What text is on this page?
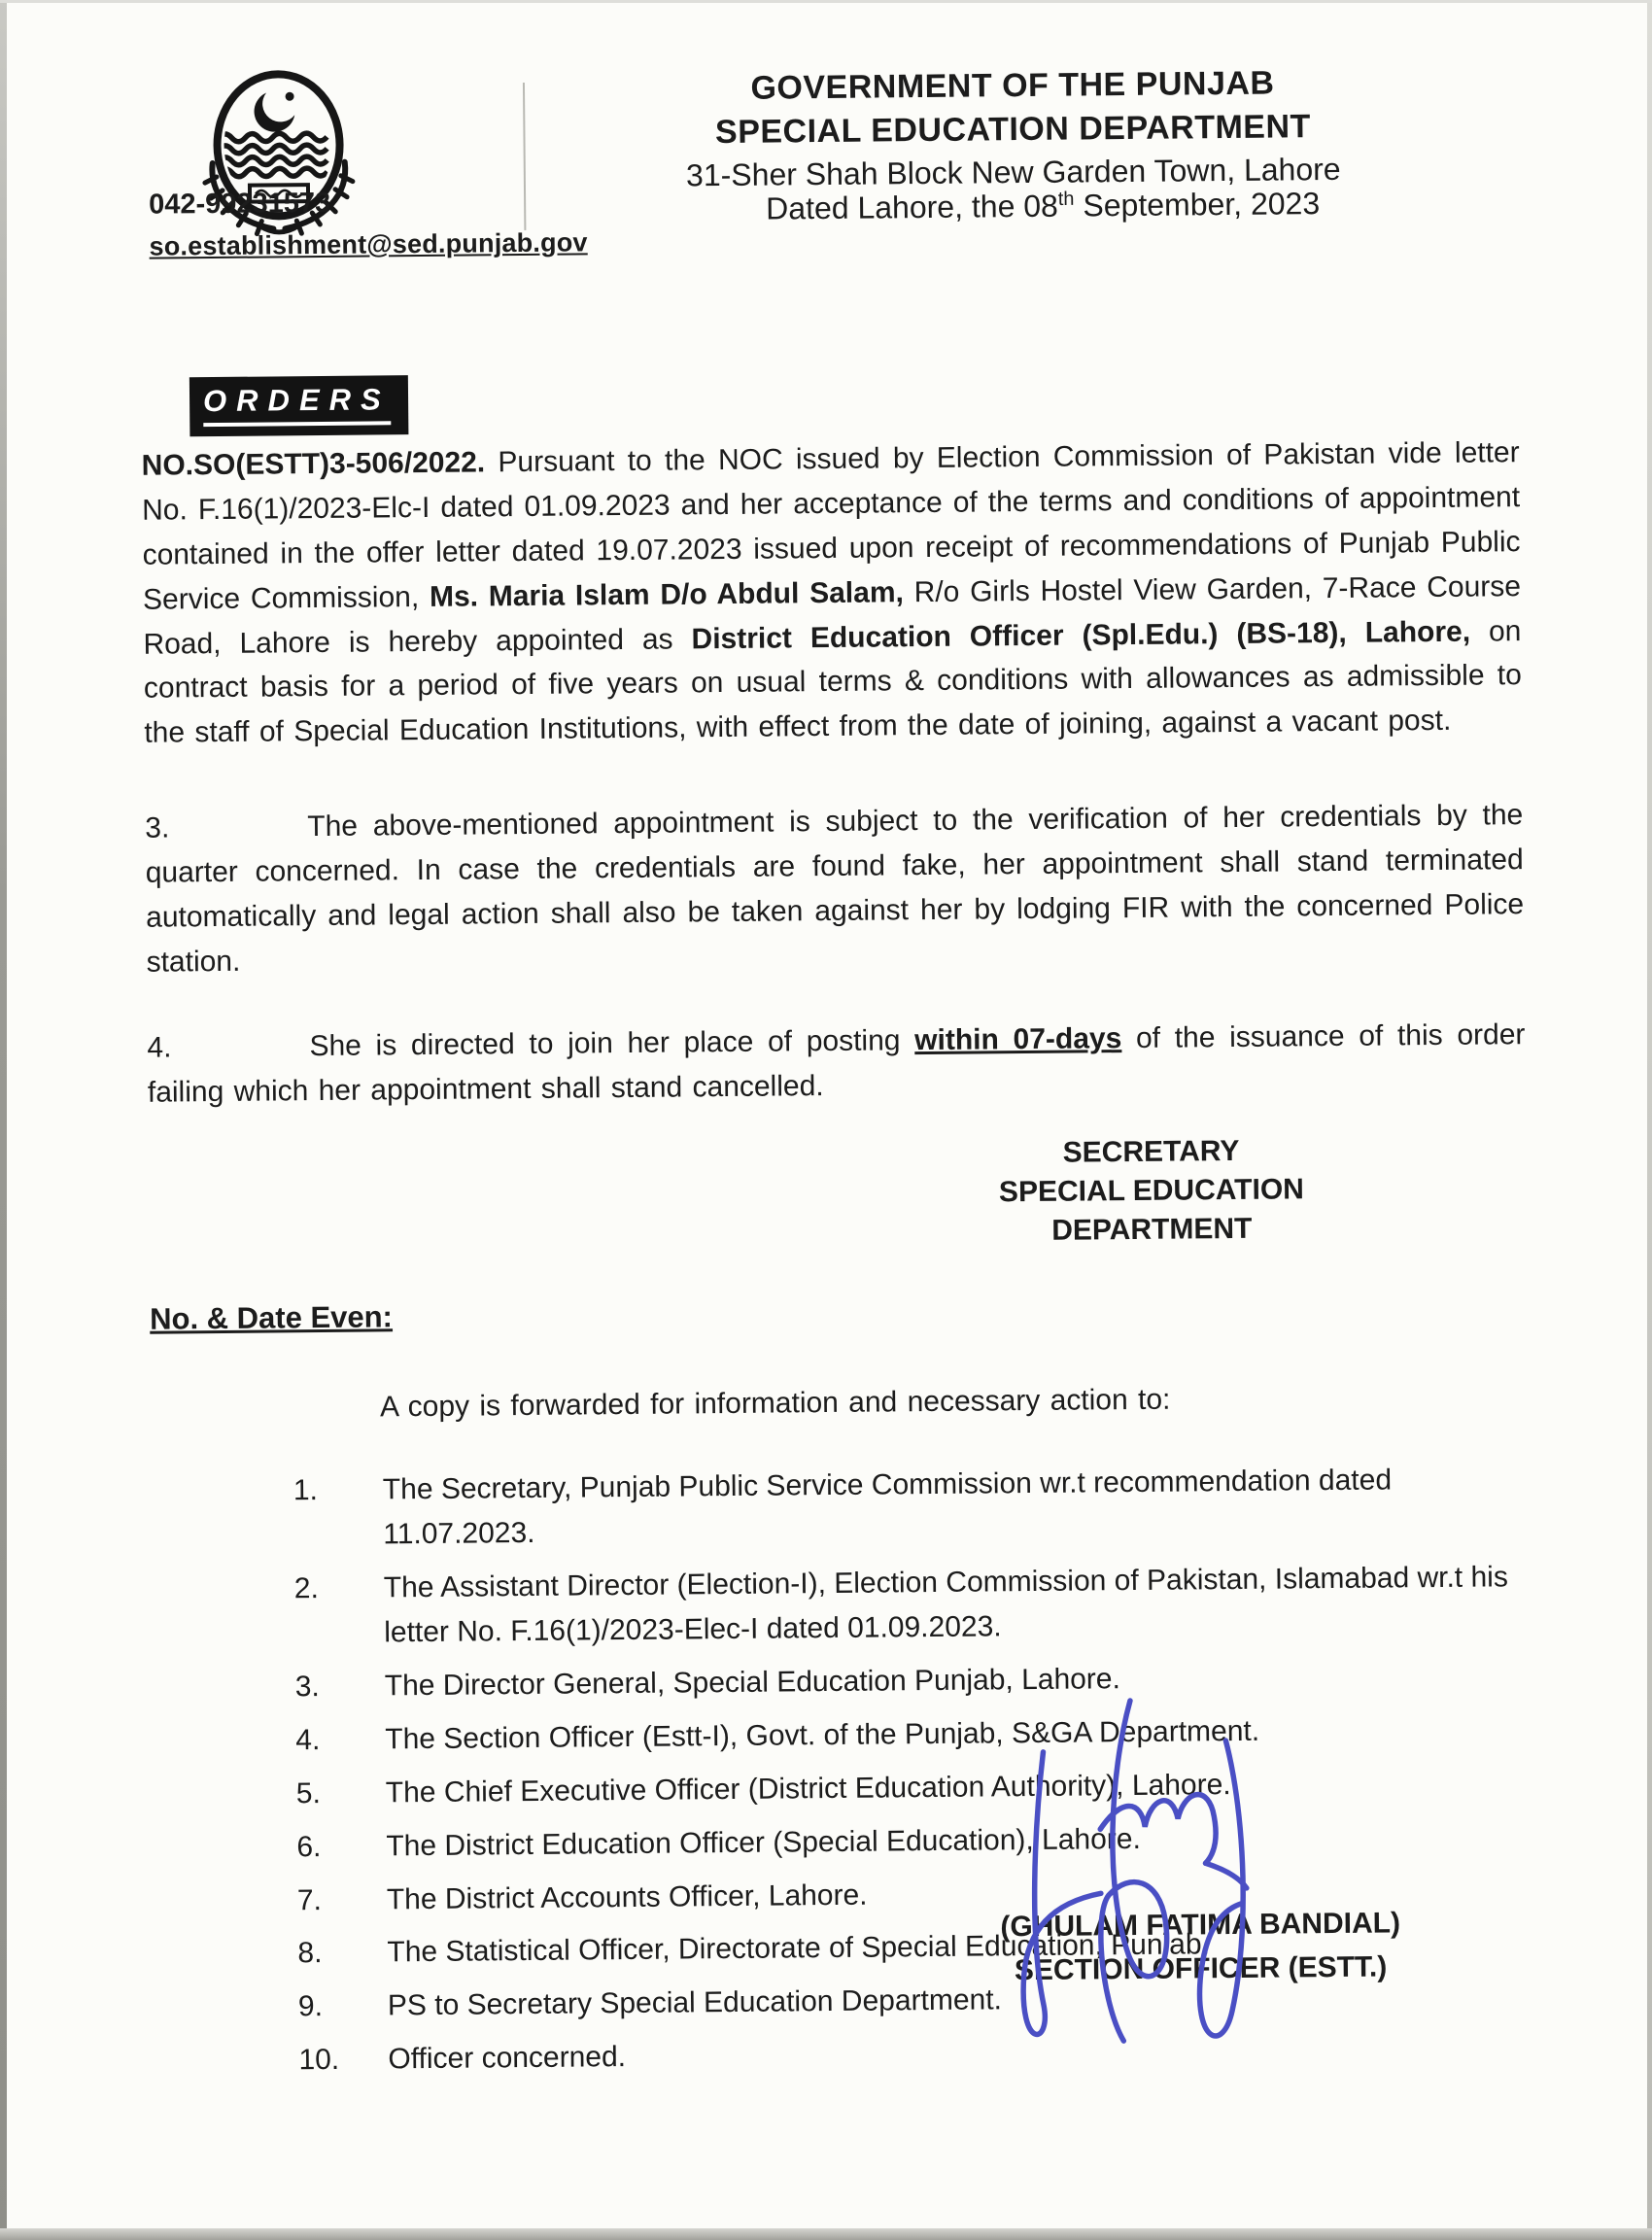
GOVERNMENT OF THE PUNJAB
SPECIAL EDUCATION DEPARTMENT
31-Sher Shah Block New Garden Town, Lahore
Dated Lahore, the 08th September, 2023
042-99231573
so.establishment@sed.punjab.gov
ORDERS

NO.SO(ESTT)3-506/2022. Pursuant to the NOC issued by Election Commission of Pakistan vide letter No. F.16(1)/2023-Elc-I dated 01.09.2023 and her acceptance of the terms and conditions of appointment contained in the offer letter dated 19.07.2023 issued upon receipt of recommendations of Punjab Public Service Commission, Ms. Maria Islam D/o Abdul Salam, R/o Girls Hostel View Garden, 7-Race Course Road, Lahore is hereby appointed as District Education Officer (Spl.Edu.) (BS-18), Lahore, on contract basis for a period of five years on usual terms & conditions with allowances as admissible to the staff of Special Education Institutions, with effect from the date of joining, against a vacant post.

3.	The above-mentioned appointment is subject to the verification of her credentials by the quarter concerned. In case the credentials are found fake, her appointment shall stand terminated automatically and legal action shall also be taken against her by lodging FIR with the concerned Police station.

4.	She is directed to join her place of posting within 07-days of the issuance of this order failing which her appointment shall stand cancelled.

SECRETARY
SPECIAL EDUCATION
DEPARTMENT
No. & Date Even:

A copy is forwarded for information and necessary action to:

1.	The Secretary, Punjab Public Service Commission wr.t recommendation dated 11.07.2023.
2.	The Assistant Director (Election-I), Election Commission of Pakistan, Islamabad wr.t his letter No. F.16(1)/2023-Elec-I dated 01.09.2023.
3.	The Director General, Special Education Punjab, Lahore.
4.	The Section Officer (Estt-I), Govt. of the Punjab, S&GA Department.
5.	The Chief Executive Officer (District Education Authority), Lahore.
6.	The District Education Officer (Special Education), Lahore.
7.	The District Accounts Officer, Lahore.
8.	The Statistical Officer, Directorate of Special Education, Punjab.
9.	PS to Secretary Special Education Department.
10.	Officer concerned.
(GHULAM FATIMA BANDIAL)
SECTION OFFICER (ESTT.)
